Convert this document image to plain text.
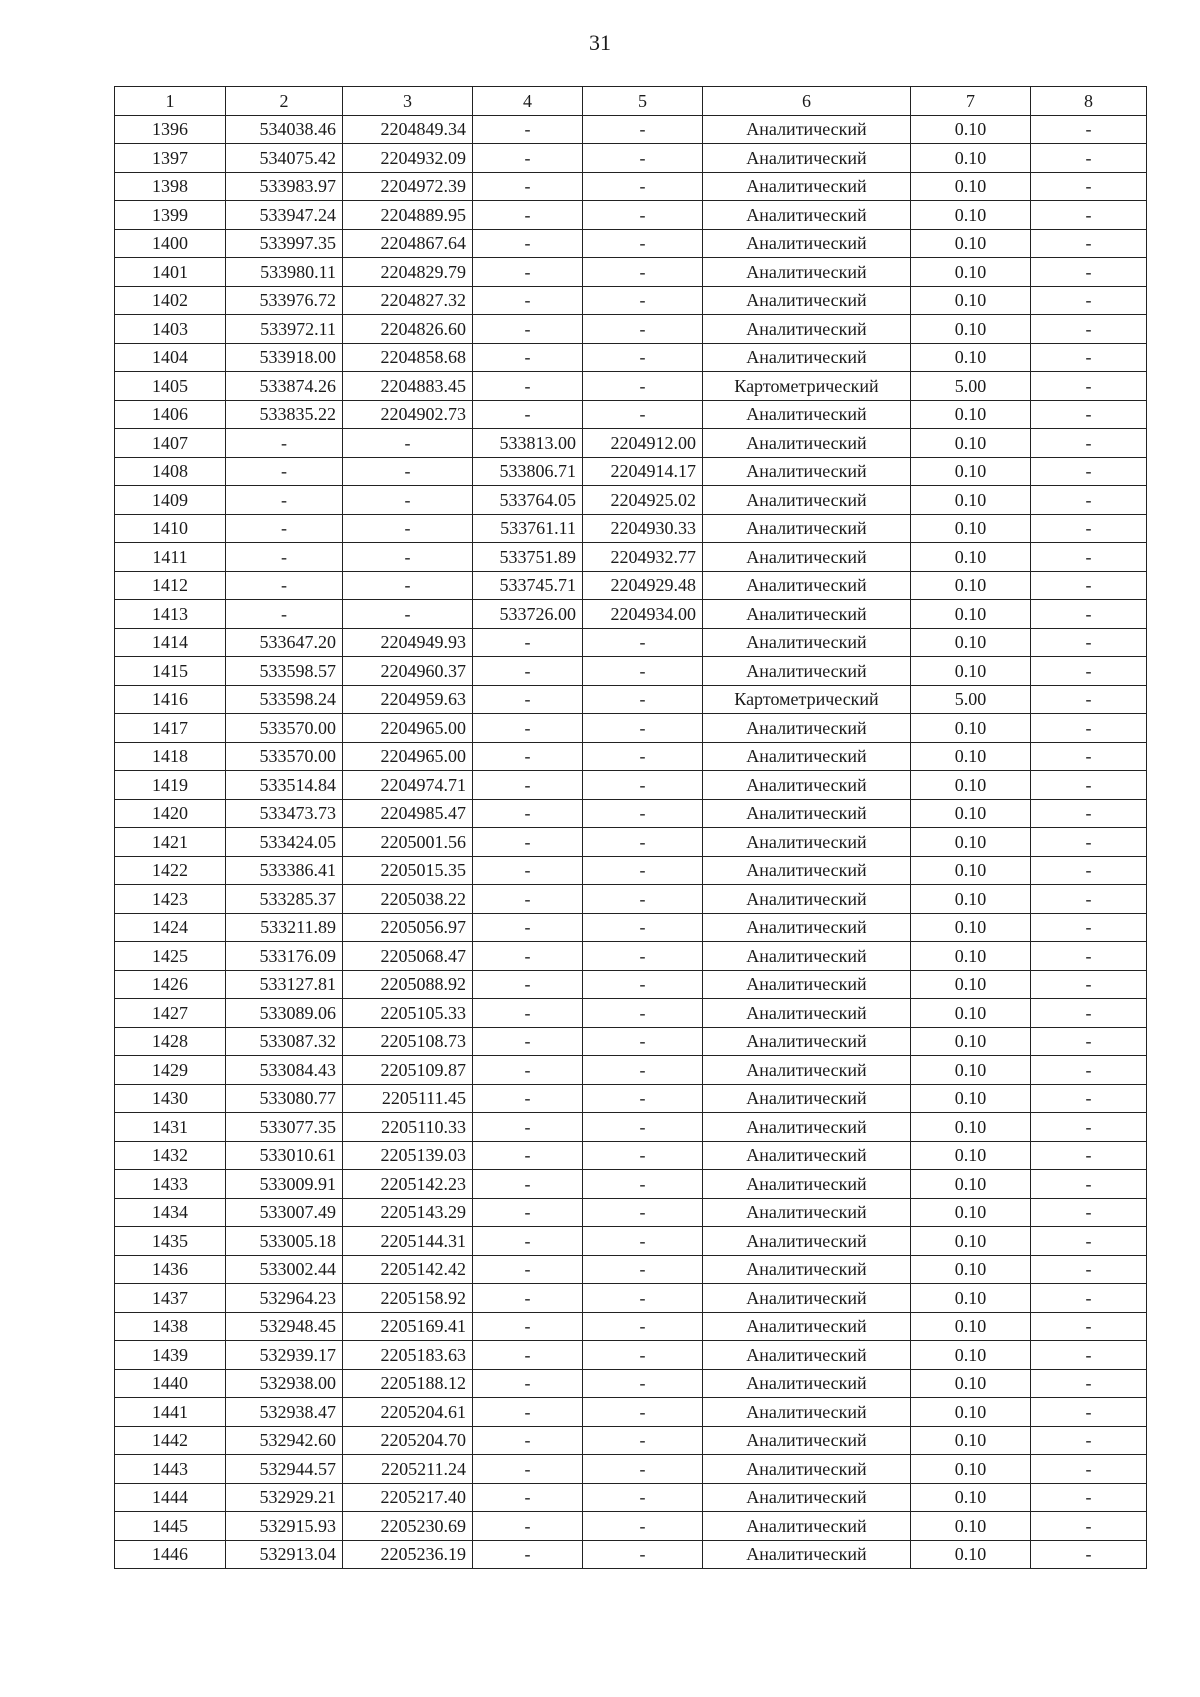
31
1	2	3	4	5	6	7	8
1396	534038.46	2204849.34	-	-	Аналитический	0.10	-
1397	534075.42	2204932.09	-	-	Аналитический	0.10	-
1398	533983.97	2204972.39	-	-	Аналитический	0.10	-
1399	533947.24	2204889.95	-	-	Аналитический	0.10	-
1400	533997.35	2204867.64	-	-	Аналитический	0.10	-
1401	533980.11	2204829.79	-	-	Аналитический	0.10	-
1402	533976.72	2204827.32	-	-	Аналитический	0.10	-
1403	533972.11	2204826.60	-	-	Аналитический	0.10	-
1404	533918.00	2204858.68	-	-	Аналитический	0.10	-
1405	533874.26	2204883.45	-	-	Картометрический	5.00	-
1406	533835.22	2204902.73	-	-	Аналитический	0.10	-
1407	-	-	533813.00	2204912.00	Аналитический	0.10	-
1408	-	-	533806.71	2204914.17	Аналитический	0.10	-
1409	-	-	533764.05	2204925.02	Аналитический	0.10	-
1410	-	-	533761.11	2204930.33	Аналитический	0.10	-
1411	-	-	533751.89	2204932.77	Аналитический	0.10	-
1412	-	-	533745.71	2204929.48	Аналитический	0.10	-
1413	-	-	533726.00	2204934.00	Аналитический	0.10	-
1414	533647.20	2204949.93	-	-	Аналитический	0.10	-
1415	533598.57	2204960.37	-	-	Аналитический	0.10	-
1416	533598.24	2204959.63	-	-	Картометрический	5.00	-
1417	533570.00	2204965.00	-	-	Аналитический	0.10	-
1418	533570.00	2204965.00	-	-	Аналитический	0.10	-
1419	533514.84	2204974.71	-	-	Аналитический	0.10	-
1420	533473.73	2204985.47	-	-	Аналитический	0.10	-
1421	533424.05	2205001.56	-	-	Аналитический	0.10	-
1422	533386.41	2205015.35	-	-	Аналитический	0.10	-
1423	533285.37	2205038.22	-	-	Аналитический	0.10	-
1424	533211.89	2205056.97	-	-	Аналитический	0.10	-
1425	533176.09	2205068.47	-	-	Аналитический	0.10	-
1426	533127.81	2205088.92	-	-	Аналитический	0.10	-
1427	533089.06	2205105.33	-	-	Аналитический	0.10	-
1428	533087.32	2205108.73	-	-	Аналитический	0.10	-
1429	533084.43	2205109.87	-	-	Аналитический	0.10	-
1430	533080.77	2205111.45	-	-	Аналитический	0.10	-
1431	533077.35	2205110.33	-	-	Аналитический	0.10	-
1432	533010.61	2205139.03	-	-	Аналитический	0.10	-
1433	533009.91	2205142.23	-	-	Аналитический	0.10	-
1434	533007.49	2205143.29	-	-	Аналитический	0.10	-
1435	533005.18	2205144.31	-	-	Аналитический	0.10	-
1436	533002.44	2205142.42	-	-	Аналитический	0.10	-
1437	532964.23	2205158.92	-	-	Аналитический	0.10	-
1438	532948.45	2205169.41	-	-	Аналитический	0.10	-
1439	532939.17	2205183.63	-	-	Аналитический	0.10	-
1440	532938.00	2205188.12	-	-	Аналитический	0.10	-
1441	532938.47	2205204.61	-	-	Аналитический	0.10	-
1442	532942.60	2205204.70	-	-	Аналитический	0.10	-
1443	532944.57	2205211.24	-	-	Аналитический	0.10	-
1444	532929.21	2205217.40	-	-	Аналитический	0.10	-
1445	532915.93	2205230.69	-	-	Аналитический	0.10	-
1446	532913.04	2205236.19	-	-	Аналитический	0.10	-
